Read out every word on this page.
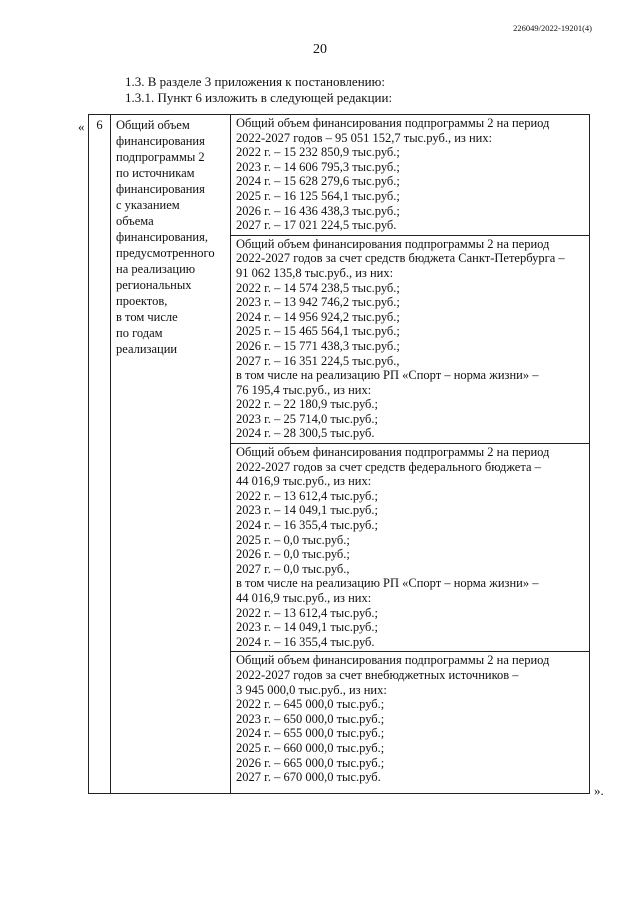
226049/2022-19201(4)
20
1.3. В разделе 3 приложения к постановлению:
1.3.1. Пункт 6 изложить в следующей редакции:
«
».
6	Общий объем
финансирования
подпрограммы 2
по источникам
финансирования
с указанием
объема
финансирования,
предусмотренного
на реализацию
региональных
проектов,
в том числе
по годам
реализации

Общий объем финансирования подпрограммы 2 на период
2022-2027 годов – 95 051 152,7 тыс.руб., из них:
2022 г. – 15 232 850,9 тыс.руб.;
2023 г. – 14 606 795,3 тыс.руб.;
2024 г. – 15 628 279,6 тыс.руб.;
2025 г. – 16 125 564,1 тыс.руб.;
2026 г. – 16 436 438,3 тыс.руб.;
2027 г. – 17 021 224,5 тыс.руб.
Общий объем финансирования подпрограммы 2 на период
2022-2027 годов за счет средств бюджета Санкт-Петербурга –
91 062 135,8 тыс.руб., из них:
2022 г. – 14 574 238,5 тыс.руб.;
2023 г. – 13 942 746,2 тыс.руб.;
2024 г. – 14 956 924,2 тыс.руб.;
2025 г. – 15 465 564,1 тыс.руб.;
2026 г. – 15 771 438,3 тыс.руб.;
2027 г. – 16 351 224,5 тыс.руб.,
в том числе на реализацию РП «Спорт – норма жизни» –
76 195,4 тыс.руб., из них:
2022 г. – 22 180,9 тыс.руб.;
2023 г. – 25 714,0 тыс.руб.;
2024 г. – 28 300,5 тыс.руб.
Общий объем финансирования подпрограммы 2 на период
2022-2027 годов за счет средств федерального бюджета –
44 016,9 тыс.руб., из них:
2022 г. – 13 612,4 тыс.руб.;
2023 г. – 14 049,1 тыс.руб.;
2024 г. – 16 355,4 тыс.руб.;
2025 г. – 0,0 тыс.руб.;
2026 г. – 0,0 тыс.руб.;
2027 г. – 0,0 тыс.руб.,
в том числе на реализацию РП «Спорт – норма жизни» –
44 016,9 тыс.руб., из них:
2022 г. – 13 612,4 тыс.руб.;
2023 г. – 14 049,1 тыс.руб.;
2024 г. – 16 355,4 тыс.руб.
Общий объем финансирования подпрограммы 2 на период
2022-2027 годов за счет внебюджетных источников –
3 945 000,0 тыс.руб., из них:
2022 г. – 645 000,0 тыс.руб.;
2023 г. – 650 000,0 тыс.руб.;
2024 г. – 655 000,0 тыс.руб.;
2025 г. – 660 000,0 тыс.руб.;
2026 г. – 665 000,0 тыс.руб.;
2027 г. – 670 000,0 тыс.руб.
